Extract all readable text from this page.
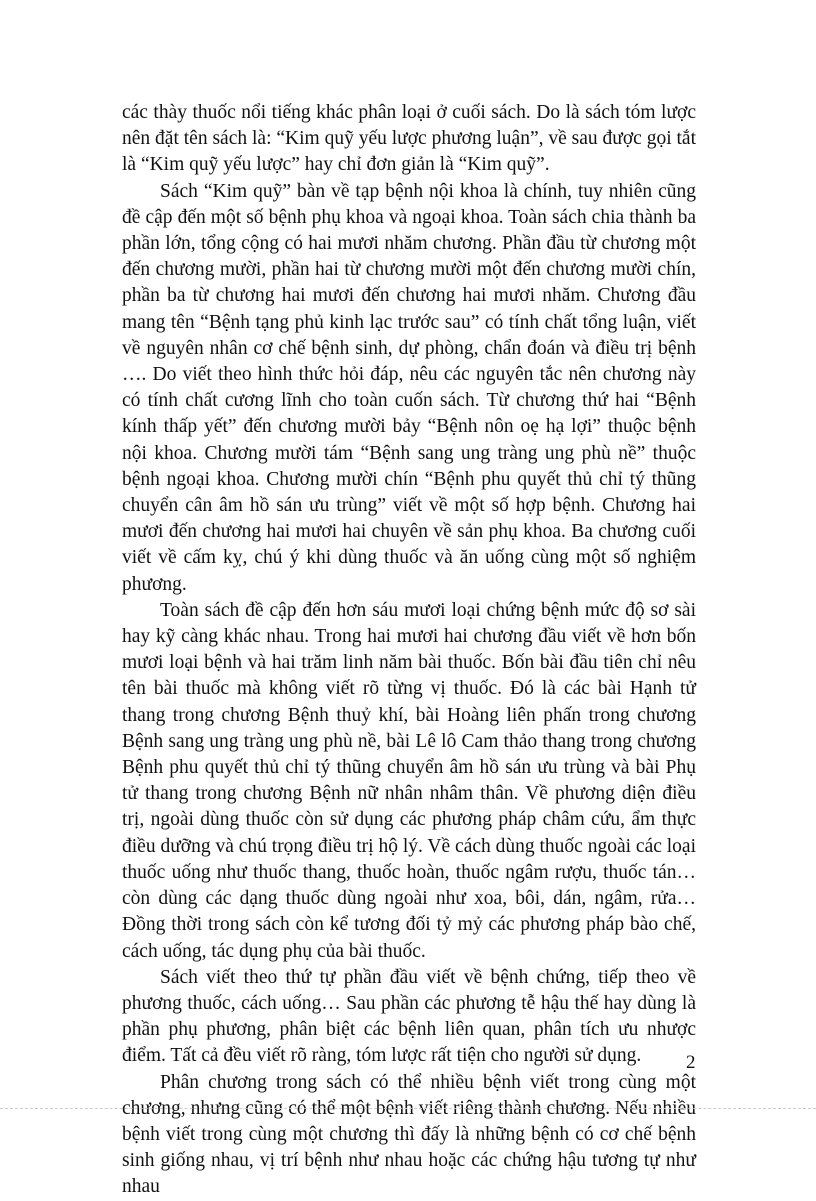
các thày thuốc nổi tiếng khác phân loại ở cuối sách. Do là sách tóm lược nên đặt tên sách là: “Kim quỹ yếu lược phương luận”, về sau được gọi tắt là “Kim quỹ yếu lược” hay chỉ đơn giản là “Kim quỹ”.

Sách “Kim quỹ” bàn về tạp bệnh nội khoa là chính, tuy nhiên cũng đề cập đến một số bệnh phụ khoa và ngoại khoa. Toàn sách chia thành ba phần lớn, tổng cộng có hai mươi nhăm chương. Phần đầu từ chương một đến chương mười, phần hai từ chương mười một đến chương mười chín, phần ba từ chương hai mươi đến chương hai mươi nhăm. Chương đầu mang tên “Bệnh tạng phủ kinh lạc trước sau” có tính chất tổng luận, viết về nguyên nhân cơ chế bệnh sinh, dự phòng, chẩn đoán và điều trị bệnh …. Do viết theo hình thức hỏi đáp, nêu các nguyên tắc nên chương này có tính chất cương lĩnh cho toàn cuốn sách. Từ chương thứ hai “Bệnh kính thấp yết” đến chương mười bảy “Bệnh nôn oẹ hạ lợi” thuộc bệnh nội khoa. Chương mười tám “Bệnh sang ung tràng ung phù nề” thuộc bệnh ngoại khoa. Chương mười chín “Bệnh phu quyết thủ chỉ tý thũng chuyển cân âm hồ sán ưu trùng” viết về một số hợp bệnh. Chương hai mươi đến chương hai mươi hai chuyên về sản phụ khoa. Ba chương cuối viết về cấm kỵ, chú ý khi dùng thuốc và ăn uống cùng một số nghiệm phương.

Toàn sách đề cập đến hơn sáu mươi loại chứng bệnh mức độ sơ sài hay kỹ càng khác nhau. Trong hai mươi hai chương đầu viết về hơn bốn mươi loại bệnh và hai trăm linh năm bài thuốc. Bốn bài đầu tiên chỉ nêu tên bài thuốc mà không viết rõ từng vị thuốc. Đó là các bài Hạnh tử thang trong chương Bệnh thuỷ khí, bài Hoàng liên phấn trong chương Bệnh sang ung tràng ung phù nề, bài Lê lô Cam thảo thang trong chương Bệnh phu quyết thủ chỉ tý thũng chuyển âm hồ sán ưu trùng và bài Phụ tử thang trong chương Bệnh nữ nhân nhâm thân. Về phương diện điều trị, ngoài dùng thuốc còn sử dụng các phương pháp châm cứu, ẩm thực điều dưỡng và chú trọng điều trị hộ lý. Về cách dùng thuốc ngoài các loại thuốc uống như thuốc thang, thuốc hoàn, thuốc ngâm rượu, thuốc tán… còn dùng các dạng thuốc dùng ngoài như xoa, bôi, dán, ngâm, rửa… Đồng thời trong sách còn kể tương đối tỷ mỷ các phương pháp bào chế, cách uống, tác dụng phụ của bài thuốc.

Sách viết theo thứ tự phần đầu viết về bệnh chứng, tiếp theo về phương thuốc, cách uống… Sau phần các phương tễ hậu thế hay dùng là phần phụ phương, phân biệt các bệnh liên quan, phân tích ưu nhược điểm. Tất cả đều viết rõ ràng, tóm lược rất tiện cho người sử dụng.

Phân chương trong sách có thể nhiều bệnh viết trong cùng một chương, nhưng cũng có thể một bệnh viết riêng thành chương. Nếu nhiều bệnh viết trong cùng một chương thì đấy là những bệnh có cơ chế bệnh sinh giống nhau, vị trí bệnh như nhau hoặc các chứng hậu tương tự như nhau

2
